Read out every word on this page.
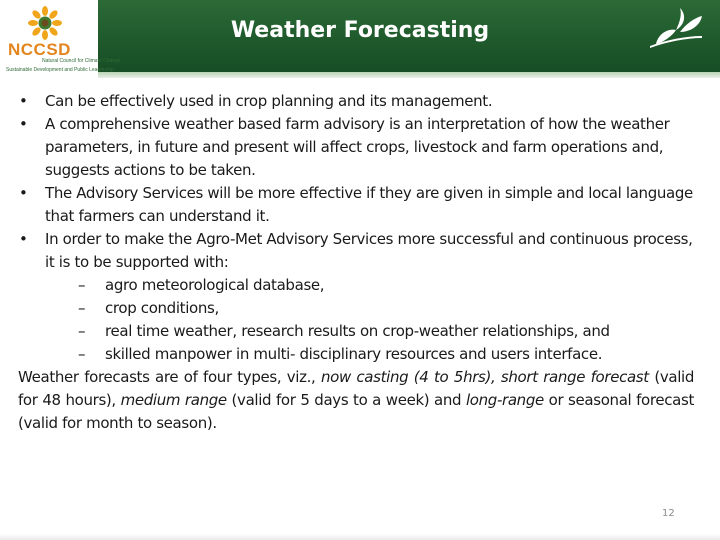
NCCSD
Natural Council for Climate Change
Sustainable Development and Public Leadership
Weather Forecasting
• Can be effectively used in crop planning and its management.
• A comprehensive weather based farm advisory is an interpretation of how the weather parameters, in future and present will affect crops, livestock and farm operations and, suggests actions to be taken.
• The Advisory Services will be more effective if they are given in simple and local language that farmers can understand it.
• In order to make the Agro-Met Advisory Services more successful and continuous process, it is to be supported with:
– agro meteorological database,
– crop conditions,
– real time weather, research results on crop-weather relationships, and
– skilled manpower in multi- disciplinary resources and users interface.

Weather forecasts are of four types, viz., now casting (4 to 5hrs), short range forecast (valid for 48 hours), medium range (valid for 5 days to a week) and long-range or seasonal forecast (valid for month to season).

12
